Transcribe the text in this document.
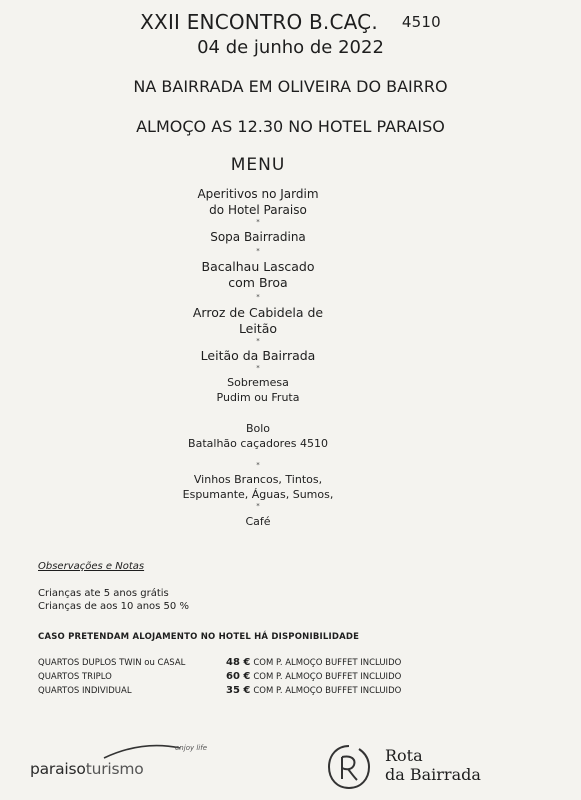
XXII ENCONTRO B.CAÇ. 4510
04 de junho de 2022
NA BAIRRADA EM OLIVEIRA DO BAIRRO
ALMOÇO AS 12.30 NO HOTEL PARAISO
MENU
Aperitivos no Jardim
do Hotel Paraiso
*
Sopa Bairradina
*
Bacalhau Lascado
com Broa
*
Arroz de Cabidela de
Leitão
*
Leitão da Bairrada
*
Sobremesa
Pudim ou Fruta
Bolo
Batalhão caçadores 4510
*
Vinhos Brancos, Tintos,
Espumante, Águas, Sumos,
*
Café
Observações e Notas
Crianças ate 5 anos grátis
Crianças de aos 10 anos 50 %
CASO PRETENDAM ALOJAMENTO NO HOTEL HÁ DISPONIBILIDADE
QUARTOS DUPLOS TWIN ou CASAL	48 € COM P. ALMOÇO BUFFET INCLUIDO
QUARTOS TRIPLO	60 € COM P. ALMOÇO BUFFET INCLUIDO
QUARTOS INDIVIDUAL	35 € COM P. ALMOÇO BUFFET INCLUIDO
enjoy life
paraisoturismo
Rota
da Bairrada
